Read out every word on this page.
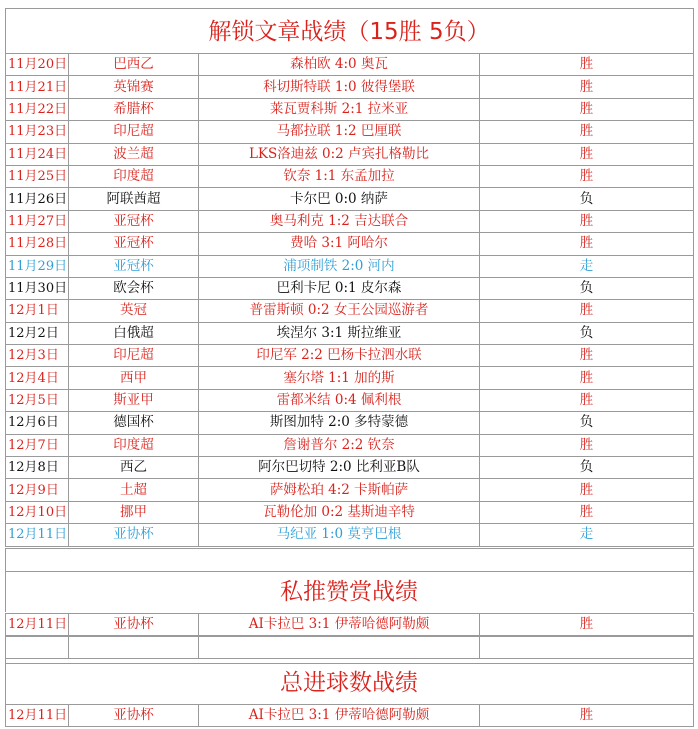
解锁文章战绩（15胜 5负）
11月20日	巴西乙	森柏欧 4:0 奥瓦	胜
11月21日	英锦赛	科切斯特联 1:0 彼得堡联	胜
11月22日	希腊杯	莱瓦贾科斯 2:1 拉米亚	胜
11月23日	印尼超	马都拉联 1:2 巴厘联	胜
11月24日	波兰超	LKS洛迪兹 0:2 卢宾扎格勒比	胜
11月25日	印度超	钦奈 1:1 东孟加拉	胜
11月26日	阿联酋超	卡尔巴 0:0 纳萨	负
11月27日	亚冠杯	奥马利克 1:2 吉达联合	胜
11月28日	亚冠杯	费哈 3:1 阿哈尔	胜
11月29日	亚冠杯	浦项制铁 2:0 河内	走
11月30日	欧会杯	巴利卡尼 0:1 皮尔森	负
12月1日	英冠	普雷斯顿 0:2 女王公园巡游者	胜
12月2日	白俄超	埃涅尔 3:1 斯拉维亚	负
12月3日	印尼超	印尼军 2:2 巴杨卡拉泗水联	胜
12月4日	西甲	塞尔塔 1:1 加的斯	胜
12月5日	斯亚甲	雷都米结 0:4 佩利根	胜
12月6日	德国杯	斯图加特 2:0 多特蒙德	负
12月7日	印度超	詹谢普尔 2:2 钦奈	胜
12月8日	西乙	阿尔巴切特 2:0 比利亚B队	负
12月9日	土超	萨姆松珀 4:2 卡斯帕萨	胜
12月10日	挪甲	瓦勒伦加 0:2 基斯迪辛特	胜
12月11日	亚协杯	马纪亚 1:0 莫亨巴根	走
私推赞赏战绩
12月11日	亚协杯	AI卡拉巴 3:1 伊蒂哈德阿勒颇	胜

总进球数战绩
12月11日	亚协杯	AI卡拉巴 3:1 伊蒂哈德阿勒颇	胜
